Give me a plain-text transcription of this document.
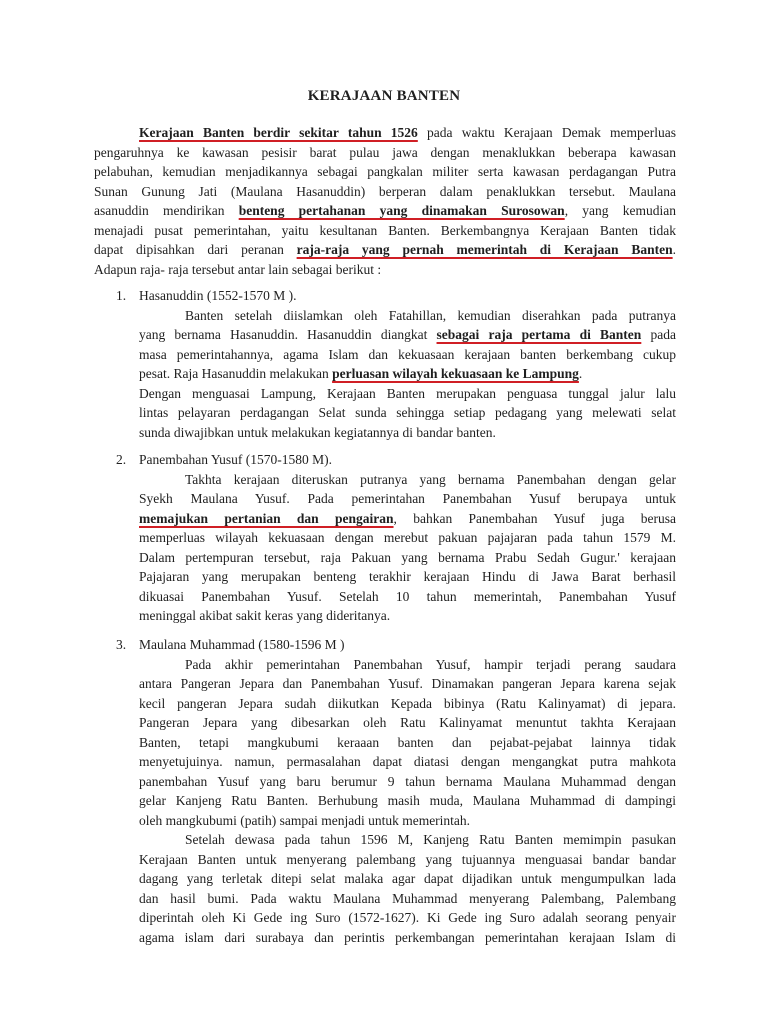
KERAJAAN BANTEN
Kerajaan Banten berdir sekitar tahun 1526 pada waktu Kerajaan Demak memperluas
pengaruhnya ke kawasan pesisir barat pulau jawa dengan menaklukkan beberapa kawasan
pelabuhan, kemudian menjadikannya sebagai pangkalan militer serta kawasan perdagangan Putra
Sunan Gunung Jati (Maulana Hasanuddin) berperan dalam penaklukkan tersebut. Maulana
asanuddin mendirikan benteng pertahanan yang dinamakan Surosowan, yang kemudian
menajadi pusat pemerintahan, yaitu kesultanan Banten. Berkembangnya Kerajaan Banten tidak
dapat dipisahkan dari peranan raja-raja yang pernah memerintah di Kerajaan Banten.
Adapun raja- raja tersebut antar lain sebagai berikut :
1. Hasanuddin (1552-1570 M ).
Banten setelah diislamkan oleh Fatahillan, kemudian diserahkan pada putranya
yang bernama Hasanuddin. Hasanuddin diangkat sebagai raja pertama di Banten pada
masa pemerintahannya, agama Islam dan kekuasaan kerajaan banten berkembang cukup
pesat. Raja Hasanuddin melakukan perluasan wilayah kekuasaan ke Lampung.
Dengan menguasai Lampung, Kerajaan Banten merupakan penguasa tunggal jalur lalu
lintas pelayaran perdagangan Selat sunda sehingga setiap pedagang yang melewati selat
sunda diwajibkan untuk melakukan kegiatannya di bandar banten.
2. Panembahan Yusuf (1570-1580 M).
Takhta kerajaan diteruskan putranya yang bernama Panembahan dengan gelar
Syekh Maulana Yusuf. Pada pemerintahan Panembahan Yusuf berupaya untuk
memajukan pertanian dan pengairan, bahkan Panembahan Yusuf juga berusa
memperluas wilayah kekuasaan dengan merebut pakuan pajajaran pada tahun 1579 M.
Dalam pertempuran tersebut, raja Pakuan yang bernama Prabu Sedah Gugur.' kerajaan
Pajajaran yang merupakan benteng terakhir kerajaan Hindu di Jawa Barat berhasil
dikuasai Panembahan Yusuf. Setelah 10 tahun memerintah, Panembahan Yusuf
meninggal akibat sakit keras yang dideritanya.
3. Maulana Muhammad (1580-1596 M )
Pada akhir pemerintahan Panembahan Yusuf, hampir terjadi perang saudara
antara Pangeran Jepara dan Panembahan Yusuf. Dinamakan pangeran Jepara karena sejak
kecil pangeran Jepara sudah diikutkan Kepada bibinya (Ratu Kalinyamat) di jepara.
Pangeran Jepara yang dibesarkan oleh Ratu Kalinyamat menuntut takhta Kerajaan
Banten, tetapi mangkubumi keraaan banten dan pejabat-pejabat lainnya tidak
menyetujuinya. namun, permasalahan dapat diatasi dengan mengangkat putra mahkota
panembahan Yusuf yang baru berumur 9 tahun bernama Maulana Muhammad dengan
gelar Kanjeng Ratu Banten. Berhubung masih muda, Maulana Muhammad di dampingi
oleh mangkubumi (patih) sampai menjadi untuk memerintah.
Setelah dewasa pada tahun 1596 M, Kanjeng Ratu Banten memimpin pasukan
Kerajaan Banten untuk menyerang palembang yang tujuannya menguasai bandar bandar
dagang yang terletak ditepi selat malaka agar dapat dijadikan untuk mengumpulkan lada
dan hasil bumi. Pada waktu Maulana Muhammad menyerang Palembang, Palembang
diperintah oleh Ki Gede ing Suro (1572-1627). Ki Gede ing Suro adalah seorang penyair
agama islam dari surabaya dan perintis perkembangan pemerintahan kerajaan Islam di
